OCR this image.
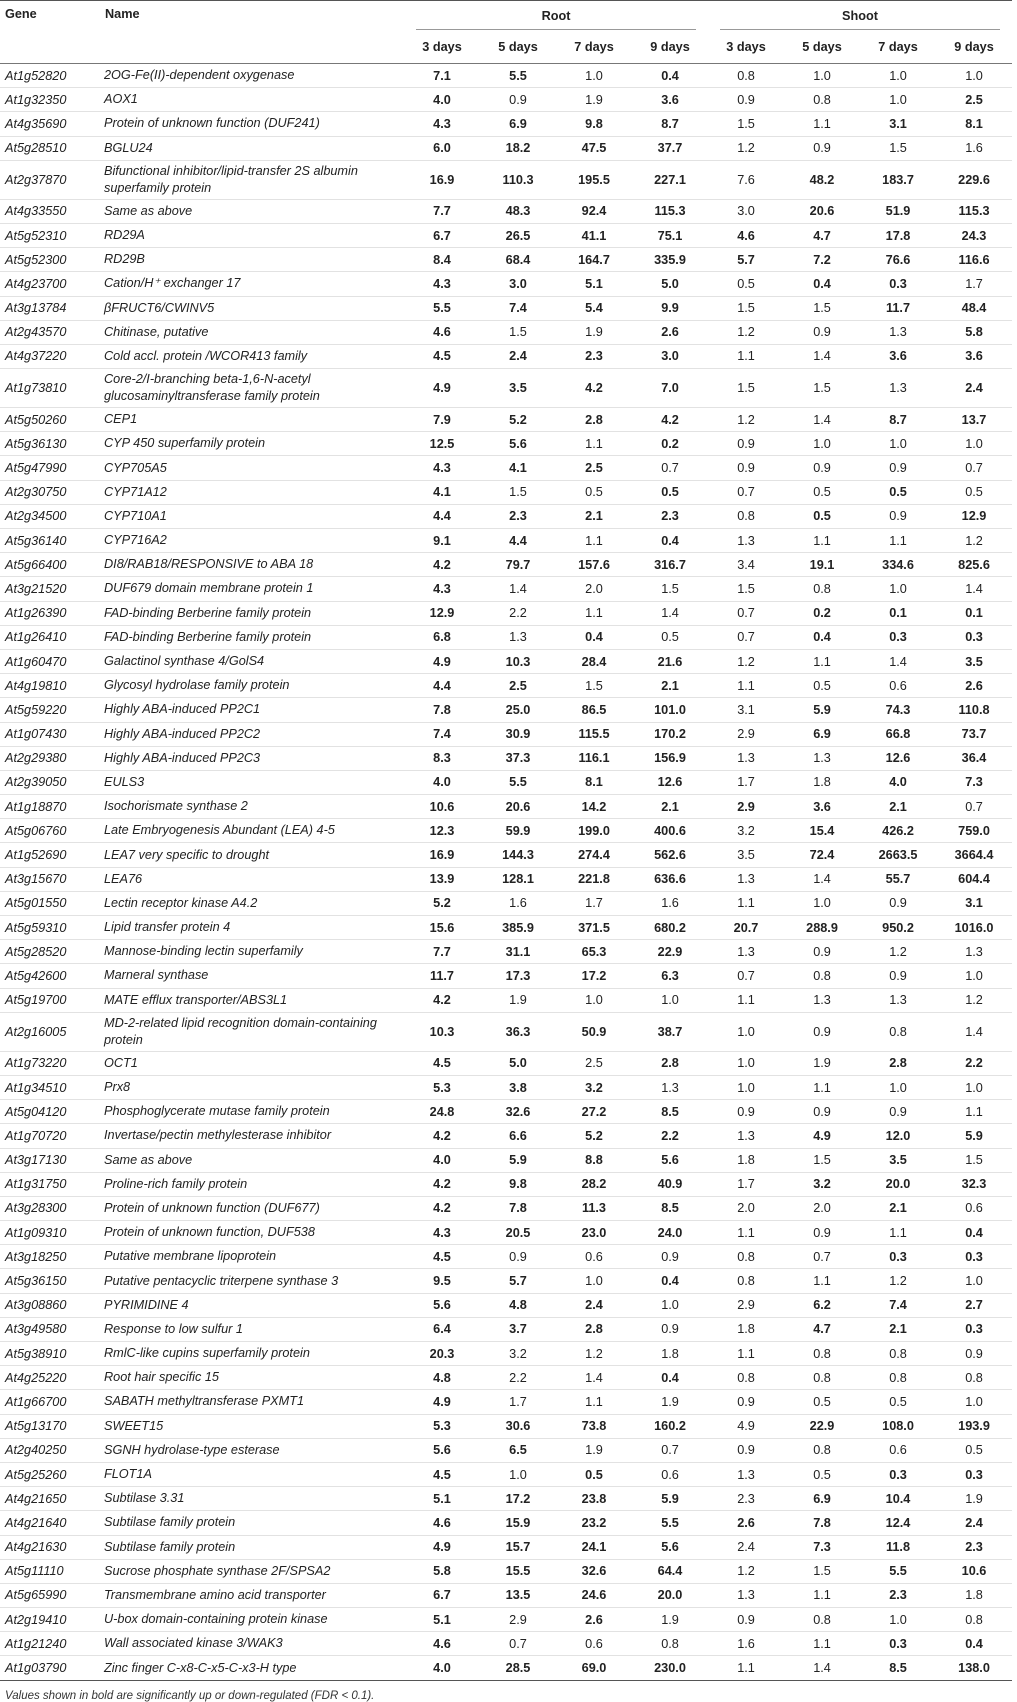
Gene	Name	Root				Shoot			

		3 days	5 days	7 days	9 days	3 days	5 days	7 days	9 days
At1g52820	2OG-Fe(II)-dependent oxygenase	7.1	5.5	1.0	0.4	0.8	1.0	1.0	1.0
At1g32350	AOX1	4.0	0.9	1.9	3.6	0.9	0.8	1.0	2.5
At4g35690	Protein of unknown function (DUF241)	4.3	6.9	9.8	8.7	1.5	1.1	3.1	8.1
At5g28510	BGLU24	6.0	18.2	47.5	37.7	1.2	0.9	1.5	1.6
At2g37870	Bifunctional inhibitor/lipid-transfer 2S albumin superfamily protein	16.9	110.3	195.5	227.1	7.6	48.2	183.7	229.6
At4g33550	Same as above	7.7	48.3	92.4	115.3	3.0	20.6	51.9	115.3
At5g52310	RD29A	6.7	26.5	41.1	75.1	4.6	4.7	17.8	24.3
At5g52300	RD29B	8.4	68.4	164.7	335.9	5.7	7.2	76.6	116.6
At4g23700	Cation/H⁺ exchanger 17	4.3	3.0	5.1	5.0	0.5	0.4	0.3	1.7
At3g13784	βFRUCT6/CWINV5	5.5	7.4	5.4	9.9	1.5	1.5	11.7	48.4
At2g43570	Chitinase, putative	4.6	1.5	1.9	2.6	1.2	0.9	1.3	5.8
At4g37220	Cold accl. protein /WCOR413 family	4.5	2.4	2.3	3.0	1.1	1.4	3.6	3.6
At1g73810	Core-2/I-branching beta-1,6-N-acetyl glucosaminyltransferase family protein	4.9	3.5	4.2	7.0	1.5	1.5	1.3	2.4
At5g50260	CEP1	7.9	5.2	2.8	4.2	1.2	1.4	8.7	13.7
At5g36130	CYP 450 superfamily protein	12.5	5.6	1.1	0.2	0.9	1.0	1.0	1.0
At5g47990	CYP705A5	4.3	4.1	2.5	0.7	0.9	0.9	0.9	0.7
At2g30750	CYP71A12	4.1	1.5	0.5	0.5	0.7	0.5	0.5	0.5
At2g34500	CYP710A1	4.4	2.3	2.1	2.3	0.8	0.5	0.9	12.9
At5g36140	CYP716A2	9.1	4.4	1.1	0.4	1.3	1.1	1.1	1.2
At5g66400	DI8/RAB18/RESPONSIVE to ABA 18	4.2	79.7	157.6	316.7	3.4	19.1	334.6	825.6
At3g21520	DUF679 domain membrane protein 1	4.3	1.4	2.0	1.5	1.5	0.8	1.0	1.4
At1g26390	FAD-binding Berberine family protein	12.9	2.2	1.1	1.4	0.7	0.2	0.1	0.1
At1g26410	FAD-binding Berberine family protein	6.8	1.3	0.4	0.5	0.7	0.4	0.3	0.3
At1g60470	Galactinol synthase 4/GolS4	4.9	10.3	28.4	21.6	1.2	1.1	1.4	3.5
At4g19810	Glycosyl hydrolase family protein	4.4	2.5	1.5	2.1	1.1	0.5	0.6	2.6
At5g59220	Highly ABA-induced PP2C1	7.8	25.0	86.5	101.0	3.1	5.9	74.3	110.8
At1g07430	Highly ABA-induced PP2C2	7.4	30.9	115.5	170.2	2.9	6.9	66.8	73.7
At2g29380	Highly ABA-induced PP2C3	8.3	37.3	116.1	156.9	1.3	1.3	12.6	36.4
At2g39050	EULS3	4.0	5.5	8.1	12.6	1.7	1.8	4.0	7.3
At1g18870	Isochorismate synthase 2	10.6	20.6	14.2	2.1	2.9	3.6	2.1	0.7
At5g06760	Late Embryogenesis Abundant (LEA) 4-5	12.3	59.9	199.0	400.6	3.2	15.4	426.2	759.0
At1g52690	LEA7 very specific to drought	16.9	144.3	274.4	562.6	3.5	72.4	2663.5	3664.4
At3g15670	LEA76	13.9	128.1	221.8	636.6	1.3	1.4	55.7	604.4
At5g01550	Lectin receptor kinase A4.2	5.2	1.6	1.7	1.6	1.1	1.0	0.9	3.1
At5g59310	Lipid transfer protein 4	15.6	385.9	371.5	680.2	20.7	288.9	950.2	1016.0
At5g28520	Mannose-binding lectin superfamily	7.7	31.1	65.3	22.9	1.3	0.9	1.2	1.3
At5g42600	Marneral synthase	11.7	17.3	17.2	6.3	0.7	0.8	0.9	1.0
At5g19700	MATE efflux transporter/ABS3L1	4.2	1.9	1.0	1.0	1.1	1.3	1.3	1.2
At2g16005	MD-2-related lipid recognition domain-containing protein	10.3	36.3	50.9	38.7	1.0	0.9	0.8	1.4
At1g73220	OCT1	4.5	5.0	2.5	2.8	1.0	1.9	2.8	2.2
At1g34510	Prx8	5.3	3.8	3.2	1.3	1.0	1.1	1.0	1.0
At5g04120	Phosphoglycerate mutase family protein	24.8	32.6	27.2	8.5	0.9	0.9	0.9	1.1
At1g70720	Invertase/pectin methylesterase inhibitor	4.2	6.6	5.2	2.2	1.3	4.9	12.0	5.9
At3g17130	Same as above	4.0	5.9	8.8	5.6	1.8	1.5	3.5	1.5
At1g31750	Proline-rich family protein	4.2	9.8	28.2	40.9	1.7	3.2	20.0	32.3
At3g28300	Protein of unknown function (DUF677)	4.2	7.8	11.3	8.5	2.0	2.0	2.1	0.6
At1g09310	Protein of unknown function, DUF538	4.3	20.5	23.0	24.0	1.1	0.9	1.1	0.4
At3g18250	Putative membrane lipoprotein	4.5	0.9	0.6	0.9	0.8	0.7	0.3	0.3
At5g36150	Putative pentacyclic triterpene synthase 3	9.5	5.7	1.0	0.4	0.8	1.1	1.2	1.0
At3g08860	PYRIMIDINE 4	5.6	4.8	2.4	1.0	2.9	6.2	7.4	2.7
At3g49580	Response to low sulfur 1	6.4	3.7	2.8	0.9	1.8	4.7	2.1	0.3
At5g38910	RmlC-like cupins superfamily protein	20.3	3.2	1.2	1.8	1.1	0.8	0.8	0.9
At4g25220	Root hair specific 15	4.8	2.2	1.4	0.4	0.8	0.8	0.8	0.8
At1g66700	SABATH methyltransferase PXMT1	4.9	1.7	1.1	1.9	0.9	0.5	0.5	1.0
At5g13170	SWEET15	5.3	30.6	73.8	160.2	4.9	22.9	108.0	193.9
At2g40250	SGNH hydrolase-type esterase	5.6	6.5	1.9	0.7	0.9	0.8	0.6	0.5
At5g25260	FLOT1A	4.5	1.0	0.5	0.6	1.3	0.5	0.3	0.3
At4g21650	Subtilase 3.31	5.1	17.2	23.8	5.9	2.3	6.9	10.4	1.9
At4g21640	Subtilase family protein	4.6	15.9	23.2	5.5	2.6	7.8	12.4	2.4
At4g21630	Subtilase family protein	4.9	15.7	24.1	5.6	2.4	7.3	11.8	2.3
At5g11110	Sucrose phosphate synthase 2F/SPSA2	5.8	15.5	32.6	64.4	1.2	1.5	5.5	10.6
At5g65990	Transmembrane amino acid transporter	6.7	13.5	24.6	20.0	1.3	1.1	2.3	1.8
At2g19410	U-box domain-containing protein kinase	5.1	2.9	2.6	1.9	0.9	0.8	1.0	0.8
At1g21240	Wall associated kinase 3/WAK3	4.6	0.7	0.6	0.8	1.6	1.1	0.3	0.4
At1g03790	Zinc finger C-x8-C-x5-C-x3-H type	4.0	28.5	69.0	230.0	1.1	1.4	8.5	138.0
Values shown in bold are significantly up or down-regulated (FDR < 0.1).
